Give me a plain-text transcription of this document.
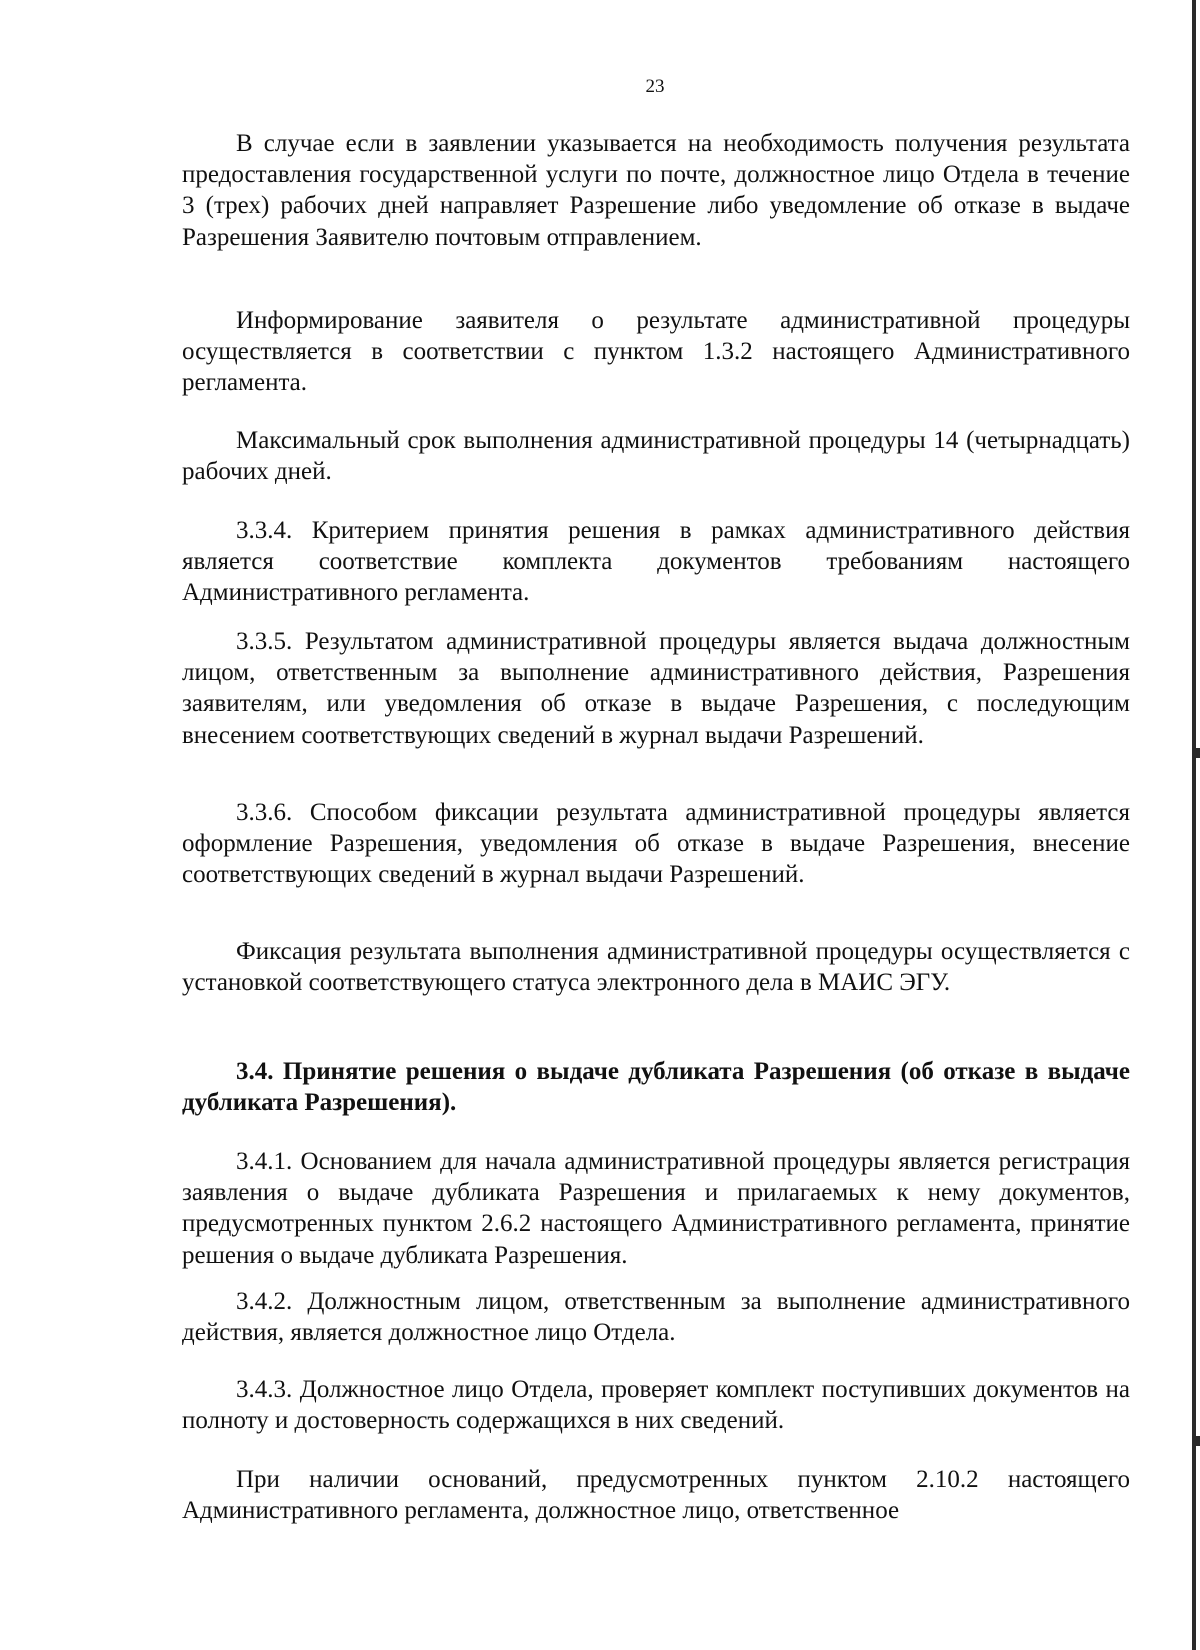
23

В случае если в заявлении указывается на необходимость получения результата предоставления государственной услуги по почте, должностное лицо Отдела в течение 3 (трех) рабочих дней направляет Разрешение либо уведомление об отказе в выдаче Разрешения Заявителю почтовым отправлением.

Информирование заявителя о результате административной процедуры осуществляется в соответствии с пунктом 1.3.2 настоящего Административного регламента.

Максимальный срок выполнения административной процедуры 14 (четырнадцать) рабочих дней.

3.3.4. Критерием принятия решения в рамках административного действия является соответствие комплекта документов требованиям настоящего Административного регламента.

3.3.5. Результатом административной процедуры является выдача должностным лицом, ответственным за выполнение административного действия, Разрешения заявителям, или уведомления об отказе в выдаче Разрешения, с последующим внесением соответствующих сведений в журнал выдачи Разрешений.

3.3.6. Способом фиксации результата административной процедуры является оформление Разрешения, уведомления об отказе в выдаче Разрешения, внесение соответствующих сведений в журнал выдачи Разрешений.

Фиксация результата выполнения административной процедуры осуществляется с установкой соответствующего статуса электронного дела в МАИС ЭГУ.

3.4. Принятие решения о выдаче дубликата Разрешения (об отказе в выдаче дубликата Разрешения).

3.4.1. Основанием для начала административной процедуры является регистрация заявления о выдаче дубликата Разрешения и прилагаемых к нему документов, предусмотренных пунктом 2.6.2 настоящего Административного регламента, принятие решения о выдаче дубликата Разрешения.

3.4.2. Должностным лицом, ответственным за выполнение административного действия, является должностное лицо Отдела.

3.4.3. Должностное лицо Отдела, проверяет комплект поступивших документов на полноту и достоверность содержащихся в них сведений.

При наличии оснований, предусмотренных пунктом 2.10.2 настоящего Административного регламента, должностное лицо, ответственное
